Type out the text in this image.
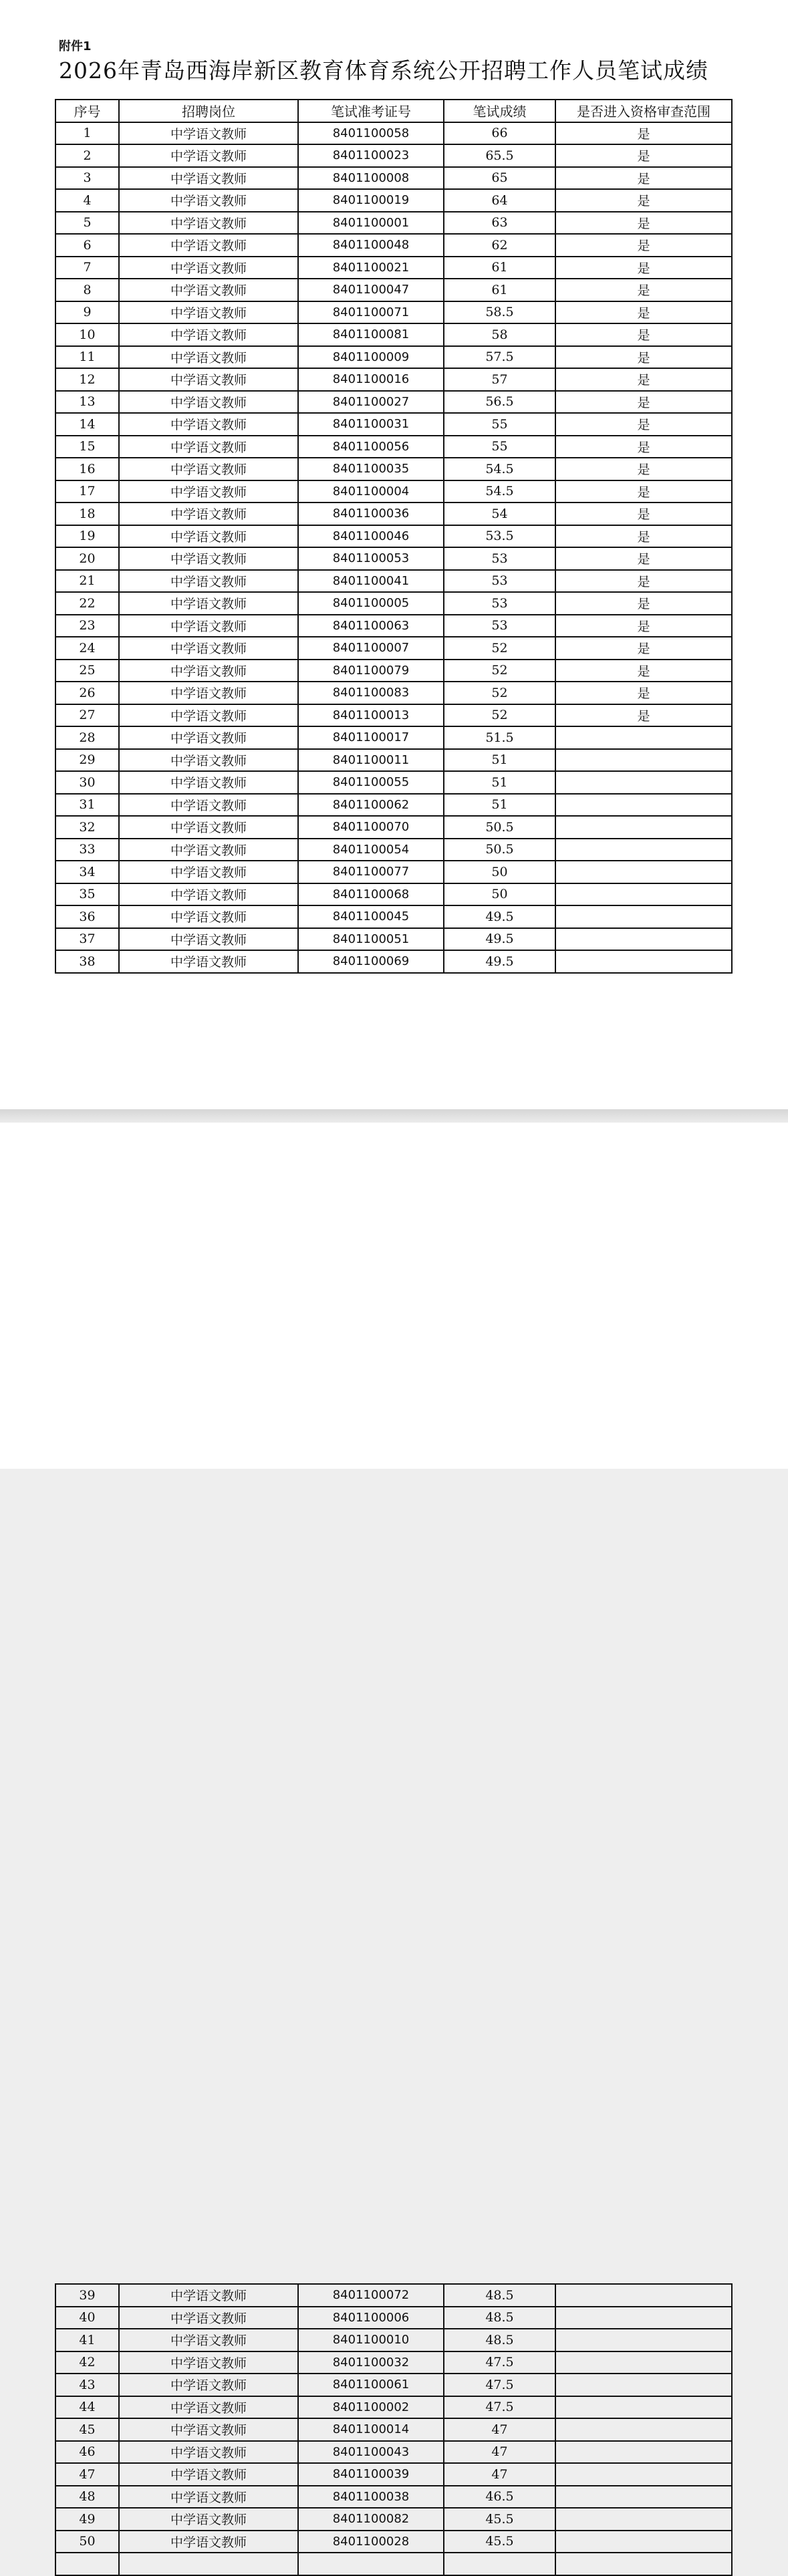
附件1
2026年青岛西海岸新区教育体育系统公开招聘工作人员笔试成绩
序号	招聘岗位	笔试准考证号	笔试成绩	是否进入资格审查范围
1	中学语文教师	8401100058	66	是
2	中学语文教师	8401100023	65.5	是
3	中学语文教师	8401100008	65	是
4	中学语文教师	8401100019	64	是
5	中学语文教师	8401100001	63	是
6	中学语文教师	8401100048	62	是
7	中学语文教师	8401100021	61	是
8	中学语文教师	8401100047	61	是
9	中学语文教师	8401100071	58.5	是
10	中学语文教师	8401100081	58	是
11	中学语文教师	8401100009	57.5	是
12	中学语文教师	8401100016	57	是
13	中学语文教师	8401100027	56.5	是
14	中学语文教师	8401100031	55	是
15	中学语文教师	8401100056	55	是
16	中学语文教师	8401100035	54.5	是
17	中学语文教师	8401100004	54.5	是
18	中学语文教师	8401100036	54	是
19	中学语文教师	8401100046	53.5	是
20	中学语文教师	8401100053	53	是
21	中学语文教师	8401100041	53	是
22	中学语文教师	8401100005	53	是
23	中学语文教师	8401100063	53	是
24	中学语文教师	8401100007	52	是
25	中学语文教师	8401100079	52	是
26	中学语文教师	8401100083	52	是
27	中学语文教师	8401100013	52	是
28	中学语文教师	8401100017	51.5	
29	中学语文教师	8401100011	51	
30	中学语文教师	8401100055	51	
31	中学语文教师	8401100062	51	
32	中学语文教师	8401100070	50.5	
33	中学语文教师	8401100054	50.5	
34	中学语文教师	8401100077	50	
35	中学语文教师	8401100068	50	
36	中学语文教师	8401100045	49.5	
37	中学语文教师	8401100051	49.5	
38	中学语文教师	8401100069	49.5	
39	中学语文教师	8401100072	48.5	
40	中学语文教师	8401100006	48.5	
41	中学语文教师	8401100010	48.5	
42	中学语文教师	8401100032	47.5	
43	中学语文教师	8401100061	47.5	
44	中学语文教师	8401100002	47.5	
45	中学语文教师	8401100014	47	
46	中学语文教师	8401100043	47	
47	中学语文教师	8401100039	47	
48	中学语文教师	8401100038	46.5	
49	中学语文教师	8401100082	45.5	
50	中学语文教师	8401100028	45.5	
